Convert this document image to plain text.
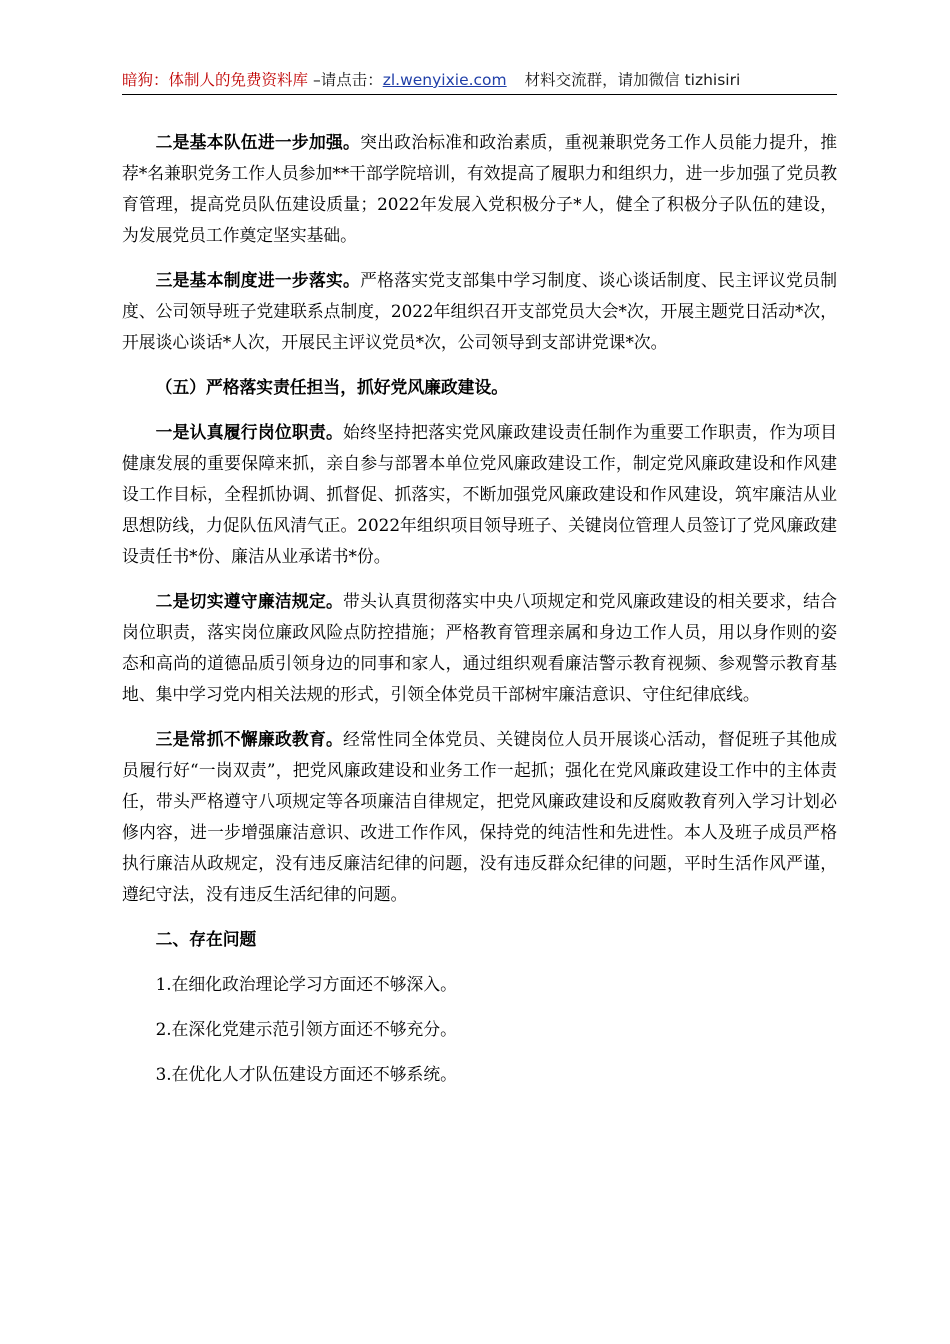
暗狗：体制人的免费资料库 –请点击：zl.wenyixie.com 材料交流群，请加微信 tizhisiri

二是基本队伍进一步加强。突出政治标准和政治素质，重视兼职党务工作人员能力提升，推荐*名兼职党务工作人员参加**干部学院培训，有效提高了履职力和组织力，进一步加强了党员教育管理，提高党员队伍建设质量；2022年发展入党积极分子*人，健全了积极分子队伍的建设，为发展党员工作奠定坚实基础。

三是基本制度进一步落实。严格落实党支部集中学习制度、谈心谈话制度、民主评议党员制度、公司领导班子党建联系点制度，2022年组织召开支部党员大会*次，开展主题党日活动*次，开展谈心谈话*人次，开展民主评议党员*次，公司领导到支部讲党课*次。

（五）严格落实责任担当，抓好党风廉政建设。

一是认真履行岗位职责。始终坚持把落实党风廉政建设责任制作为重要工作职责，作为项目健康发展的重要保障来抓，亲自参与部署本单位党风廉政建设工作，制定党风廉政建设和作风建设工作目标，全程抓协调、抓督促、抓落实，不断加强党风廉政建设和作风建设，筑牢廉洁从业思想防线，力促队伍风清气正。2022年组织项目领导班子、关键岗位管理人员签订了党风廉政建设责任书*份、廉洁从业承诺书*份。

二是切实遵守廉洁规定。带头认真贯彻落实中央八项规定和党风廉政建设的相关要求，结合岗位职责，落实岗位廉政风险点防控措施；严格教育管理亲属和身边工作人员，用以身作则的姿态和高尚的道德品质引领身边的同事和家人，通过组织观看廉洁警示教育视频、参观警示教育基地、集中学习党内相关法规的形式，引领全体党员干部树牢廉洁意识、守住纪律底线。

三是常抓不懈廉政教育。经常性同全体党员、关键岗位人员开展谈心活动，督促班子其他成员履行好“一岗双责”，把党风廉政建设和业务工作一起抓；强化在党风廉政建设工作中的主体责任，带头严格遵守八项规定等各项廉洁自律规定，把党风廉政建设和反腐败教育列入学习计划必修内容，进一步增强廉洁意识、改进工作作风，保持党的纯洁性和先进性。本人及班子成员严格执行廉洁从政规定，没有违反廉洁纪律的问题，没有违反群众纪律的问题，平时生活作风严谨，遵纪守法，没有违反生活纪律的问题。

二、存在问题

1.在细化政治理论学习方面还不够深入。

2.在深化党建示范引领方面还不够充分。

3.在优化人才队伍建设方面还不够系统。
